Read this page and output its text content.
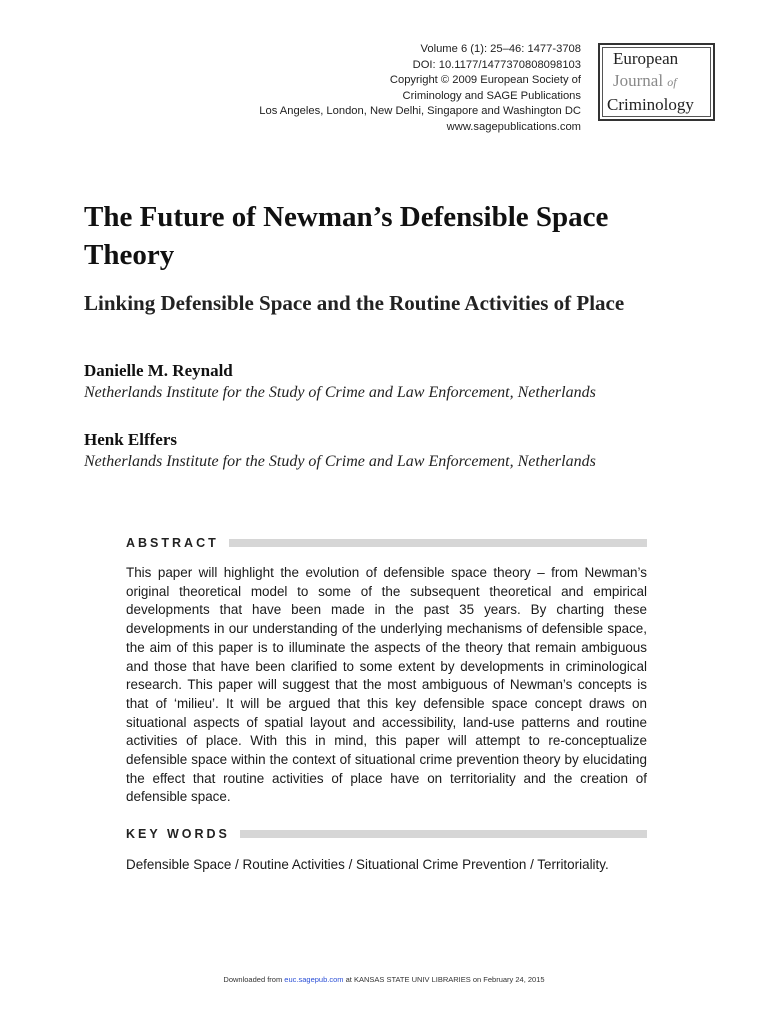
Volume 6 (1): 25–46: 1477-3708
DOI: 10.1177/1477370808098103
Copyright © 2009 European Society of
Criminology and SAGE Publications
Los Angeles, London, New Delhi, Singapore and Washington DC
www.sagepublications.com
European
Journal of
Criminology
The Future of Newman’s Defensible Space Theory
Linking Defensible Space and the Routine Activities of Place
Danielle M. Reynald
Netherlands Institute for the Study of Crime and Law Enforcement, Netherlands
Henk Elffers
Netherlands Institute for the Study of Crime and Law Enforcement, Netherlands
ABSTRACT

This paper will highlight the evolution of defensible space theory – from Newman’s original theoretical model to some of the subsequent theoretical and empirical developments that have been made in the past 35 years. By charting these developments in our understanding of the underlying mechanisms of defensible space, the aim of this paper is to illuminate the aspects of the theory that remain ambiguous and those that have been clarified to some extent by developments in criminological research. This paper will suggest that the most ambiguous of Newman’s concepts is that of ‘milieu’. It will be argued that this key defensible space concept draws on situational aspects of spatial layout and accessibility, land-use patterns and routine activities of place. With this in mind, this paper will attempt to re-conceptualize defensible space within the context of situational crime prevention theory by elucidating the effect that routine activities of place have on territoriality and the creation of defensible space.

KEY WORDS

Defensible Space / Routine Activities / Situational Crime Prevention / Territoriality.

Downloaded from euc.sagepub.com at KANSAS STATE UNIV LIBRARIES on February 24, 2015
